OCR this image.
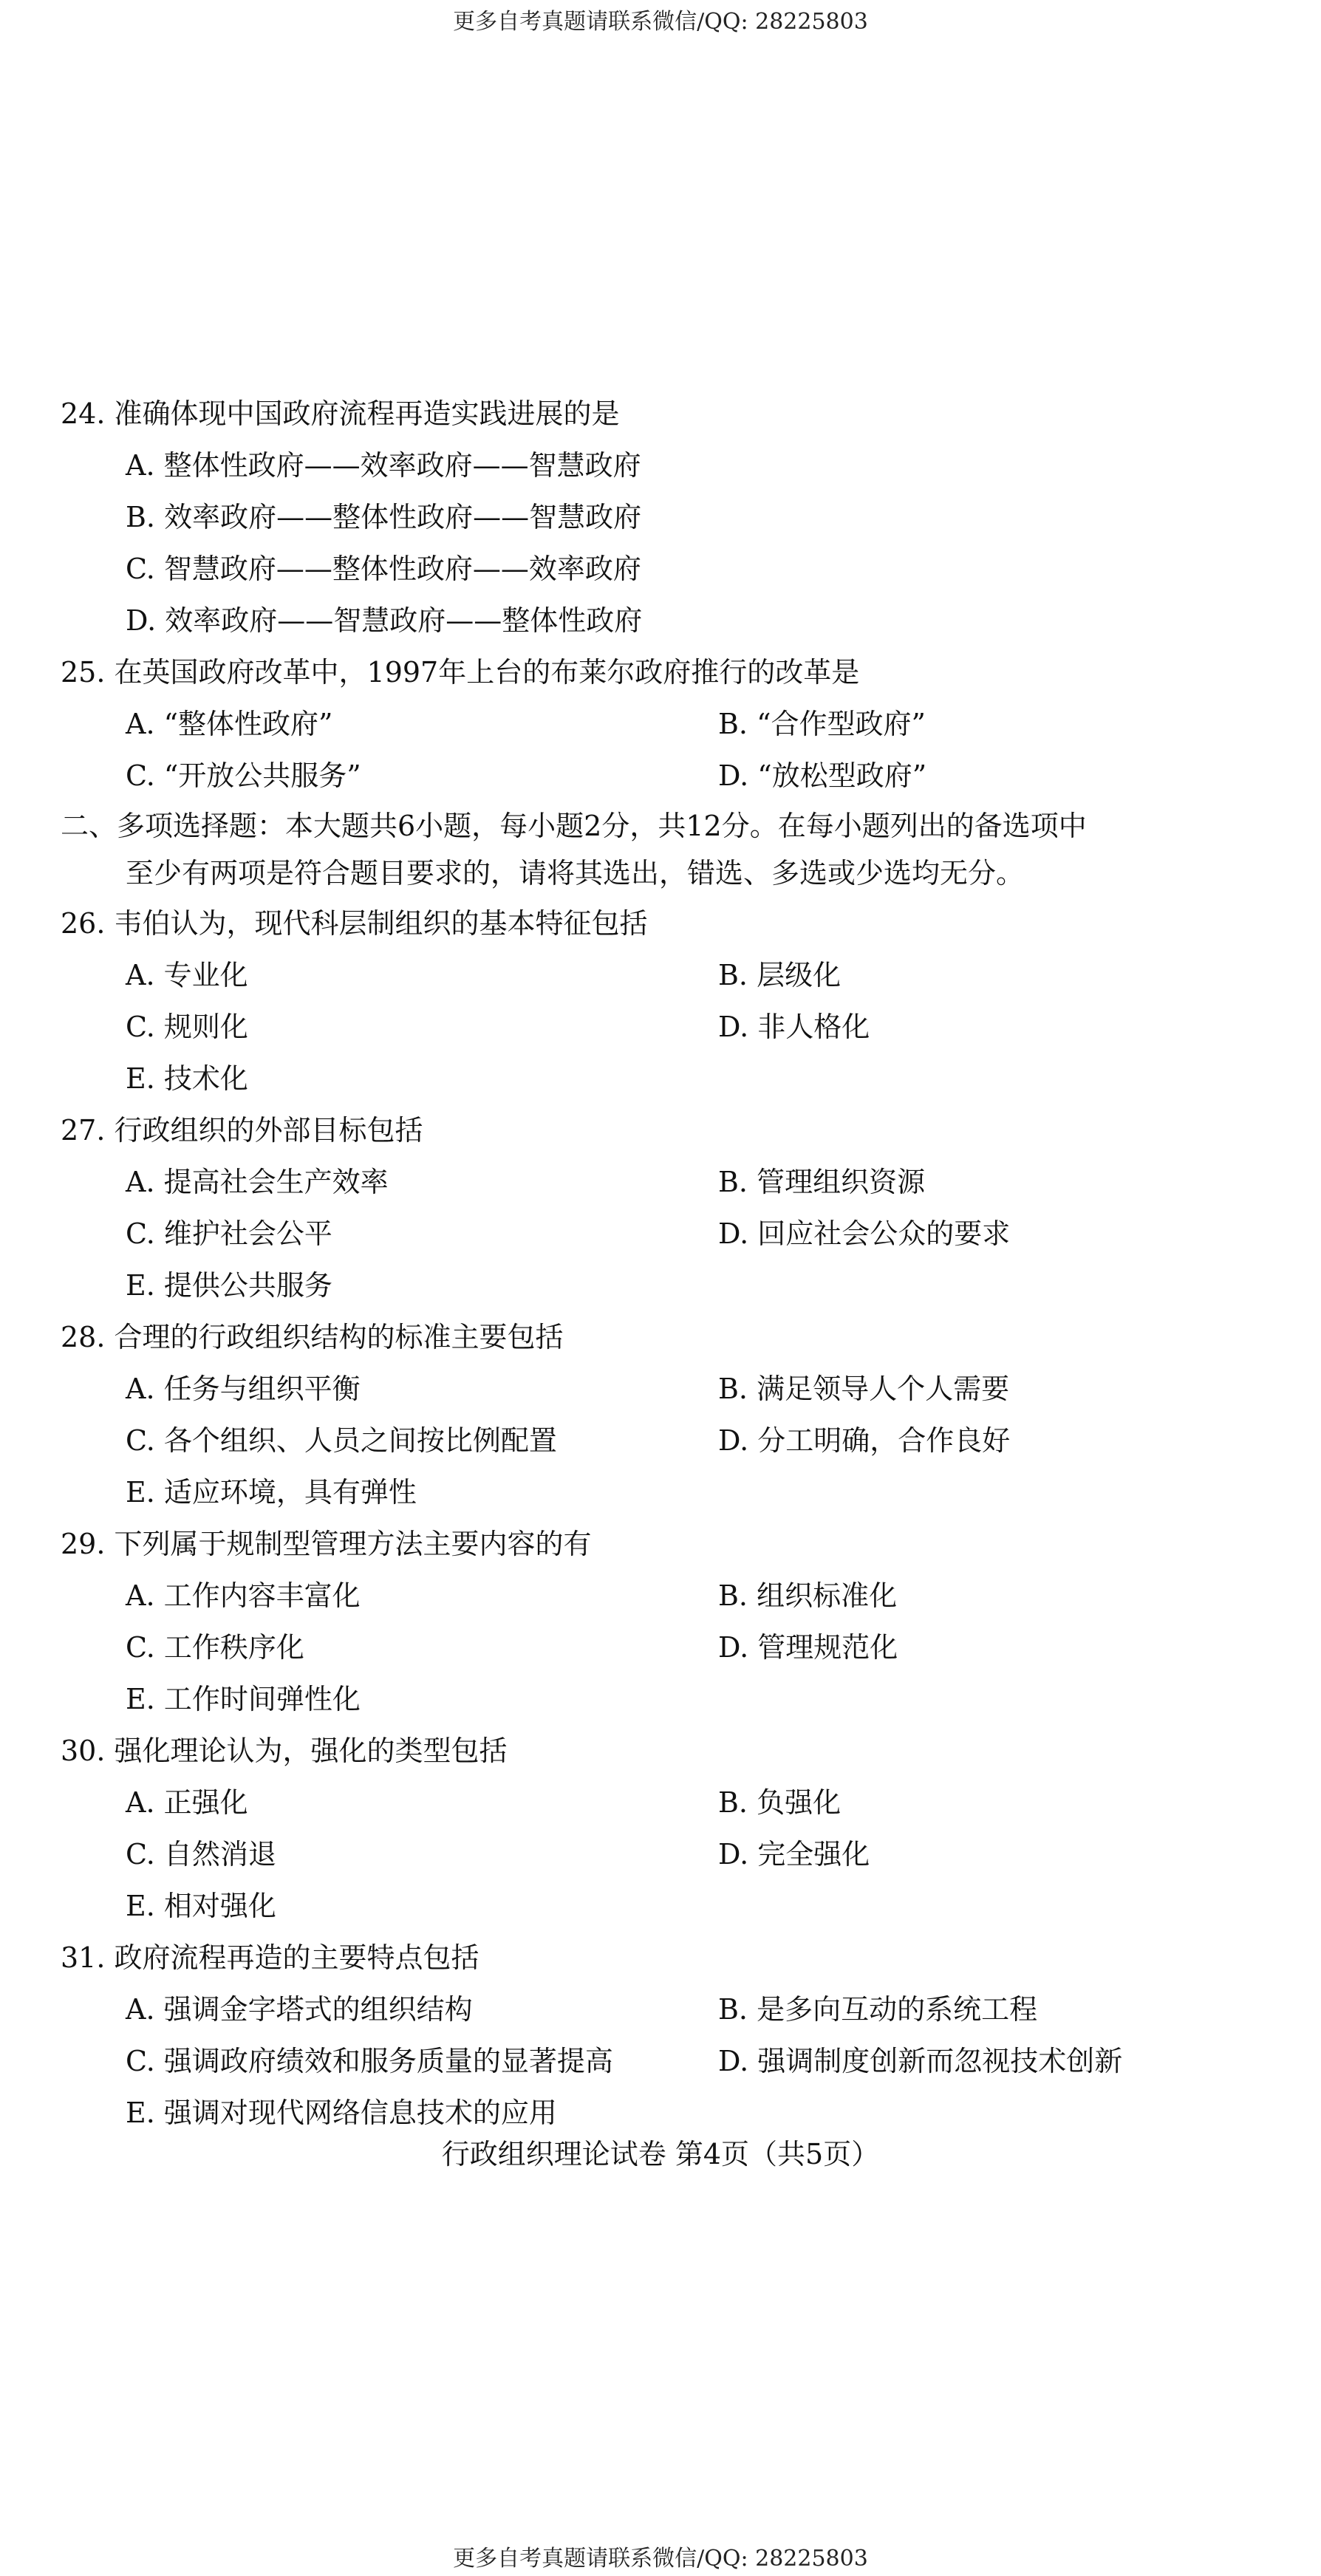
更多自考真题请联系微信/QQ: 28225803
24. 准确体现中国政府流程再造实践进展的是
A. 整体性政府——效率政府——智慧政府
B. 效率政府——整体性政府——智慧政府
C. 智慧政府——整体性政府——效率政府
D. 效率政府——智慧政府——整体性政府
25. 在英国政府改革中，1997年上台的布莱尔政府推行的改革是
A. “整体性政府”	B. “合作型政府”
C. “开放公共服务”	D. “放松型政府”
二、多项选择题：本大题共6小题，每小题2分，共12分。在每小题列出的备选项中
至少有两项是符合题目要求的，请将其选出，错选、多选或少选均无分。
26. 韦伯认为，现代科层制组织的基本特征包括
A. 专业化	B. 层级化
C. 规则化	D. 非人格化
E. 技术化
27. 行政组织的外部目标包括
A. 提高社会生产效率	B. 管理组织资源
C. 维护社会公平	D. 回应社会公众的要求
E. 提供公共服务
28. 合理的行政组织结构的标准主要包括
A. 任务与组织平衡	B. 满足领导人个人需要
C. 各个组织、人员之间按比例配置	D. 分工明确，合作良好
E. 适应环境，具有弹性
29. 下列属于规制型管理方法主要内容的有
A. 工作内容丰富化	B. 组织标准化
C. 工作秩序化	D. 管理规范化
E. 工作时间弹性化
30. 强化理论认为，强化的类型包括
A. 正强化	B. 负强化
C. 自然消退	D. 完全强化
E. 相对强化
31. 政府流程再造的主要特点包括
A. 强调金字塔式的组织结构	B. 是多向互动的系统工程
C. 强调政府绩效和服务质量的显著提高	D. 强调制度创新而忽视技术创新
E. 强调对现代网络信息技术的应用
行政组织理论试卷 第4页（共5页）
更多自考真题请联系微信/QQ: 28225803
